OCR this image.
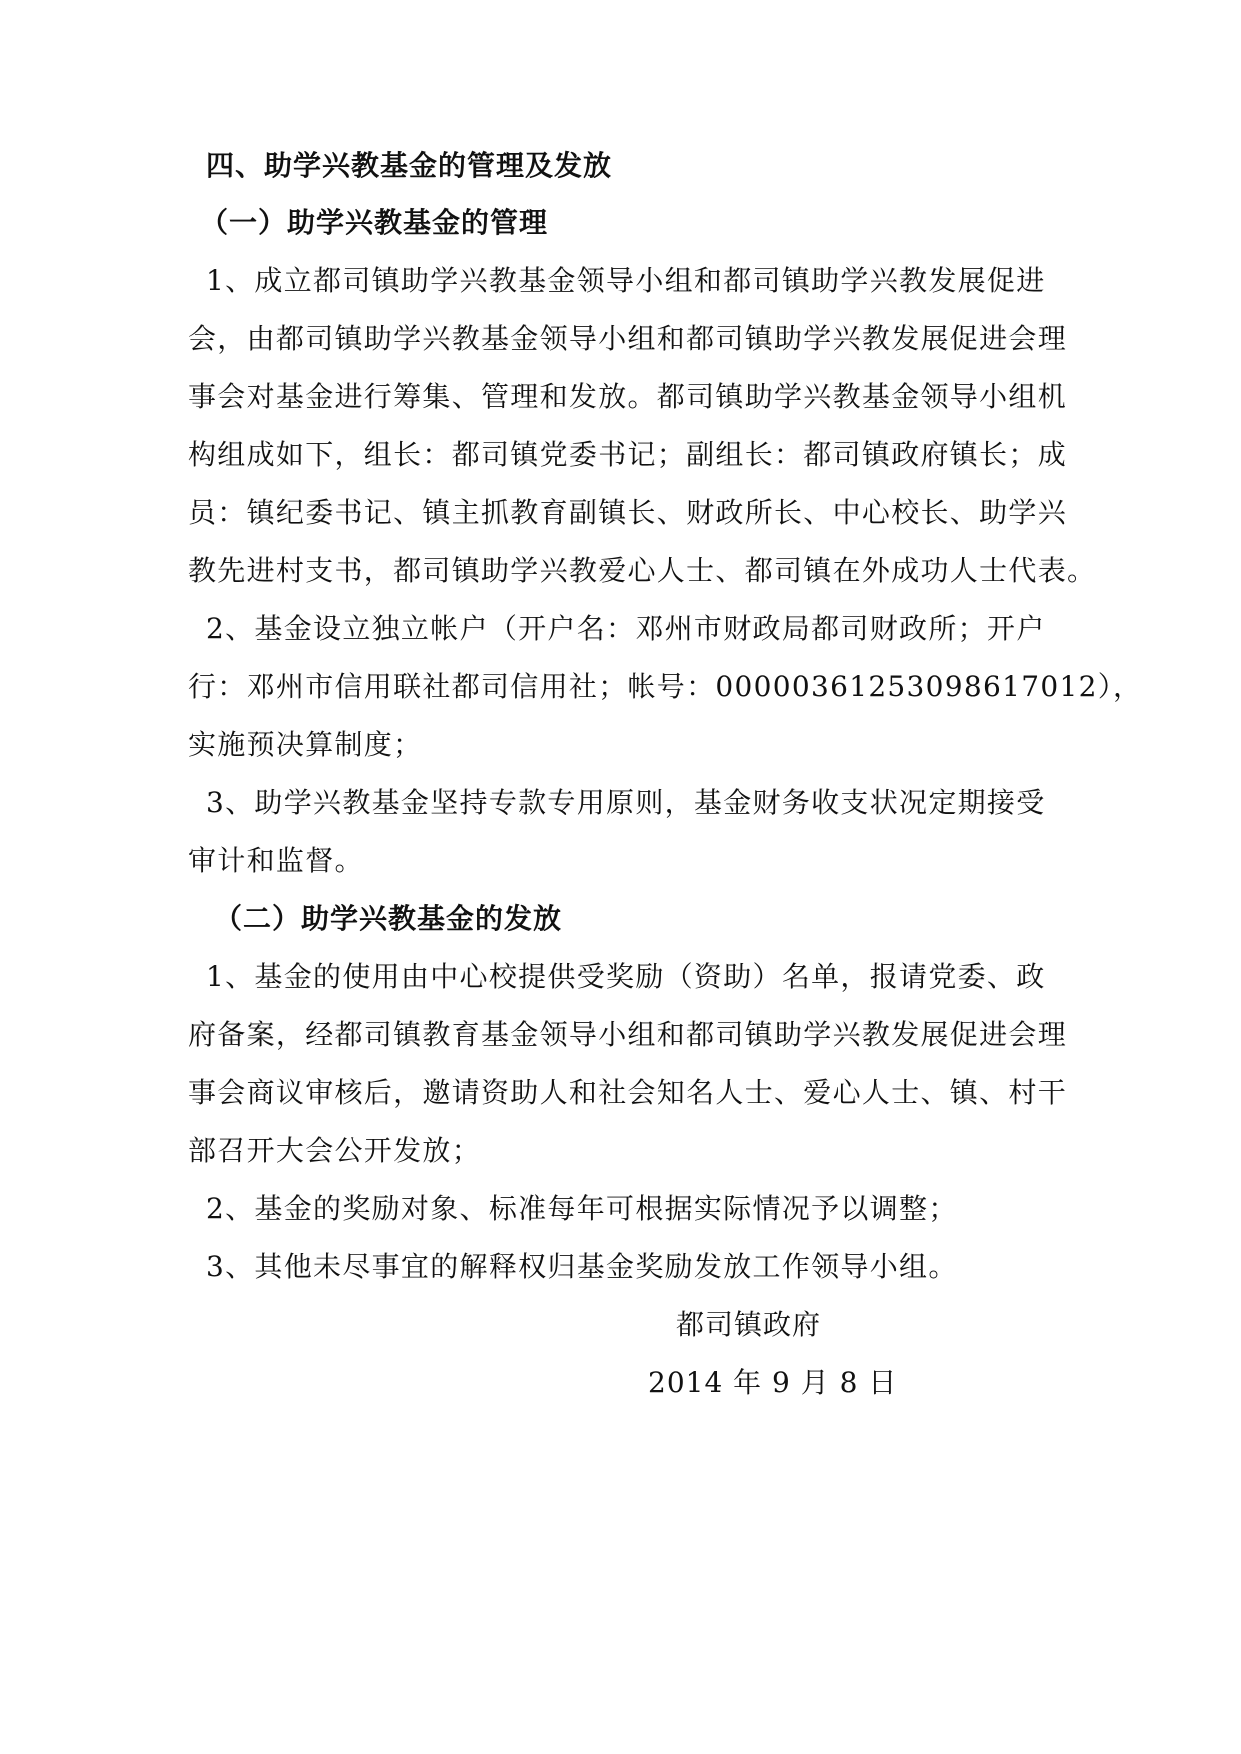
四、助学兴教基金的管理及发放
（一）助学兴教基金的管理
1、成立都司镇助学兴教基金领导小组和都司镇助学兴教发展促进
会，由都司镇助学兴教基金领导小组和都司镇助学兴教发展促进会理
事会对基金进行筹集、管理和发放。都司镇助学兴教基金领导小组机
构组成如下，组长：都司镇党委书记；副组长：都司镇政府镇长；成
员：镇纪委书记、镇主抓教育副镇长、财政所长、中心校长、助学兴
教先进村支书，都司镇助学兴教爱心人士、都司镇在外成功人士代表。
2、基金设立独立帐户（开户名：邓州市财政局都司财政所；开户
行：邓州市信用联社都司信用社；帐号：00000361253098617012），
实施预决算制度；
3、助学兴教基金坚持专款专用原则，基金财务收支状况定期接受
审计和监督。
（二）助学兴教基金的发放
1、基金的使用由中心校提供受奖励（资助）名单，报请党委、政
府备案，经都司镇教育基金领导小组和都司镇助学兴教发展促进会理
事会商议审核后，邀请资助人和社会知名人士、爱心人士、镇、村干
部召开大会公开发放；
2、基金的奖励对象、标准每年可根据实际情况予以调整；
3、其他未尽事宜的解释权归基金奖励发放工作领导小组。
都司镇政府
2014 年 9 月 8 日
